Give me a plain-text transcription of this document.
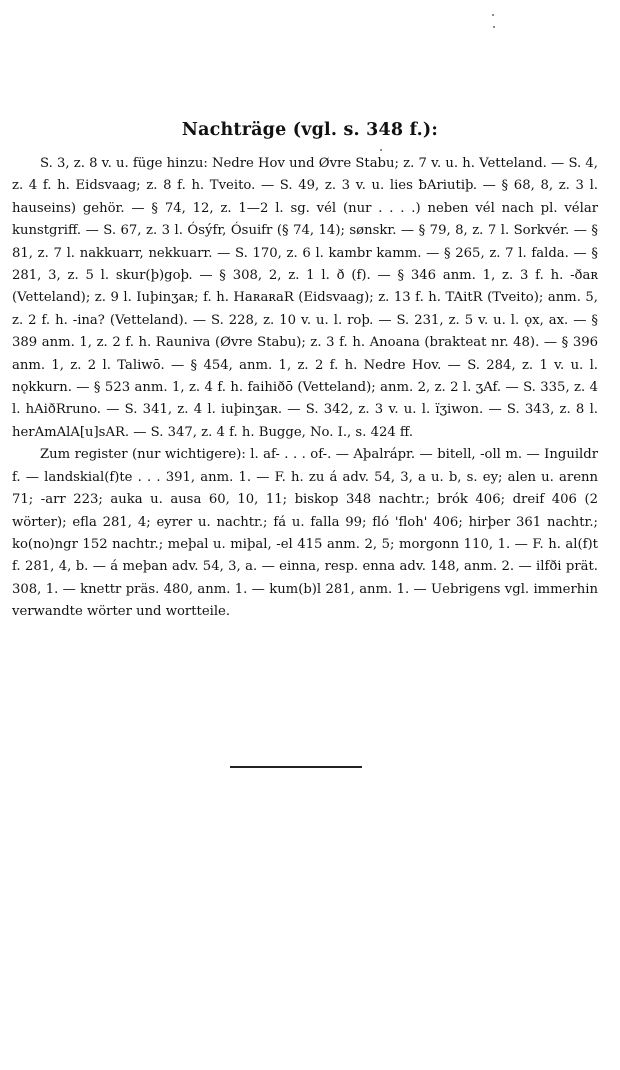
Nachträge (vgl. s. 348 f.):

S. 3, z. 8 v. u. füge hinzu: Nedre Hov und Øvre Stabu; z. 7 v. u. h. Vetteland. — S. 4, z. 4 f. h. Eidsvaag; z. 8 f. h. Tveito. — S. 49, z. 3 v. u. lies ƀAriutiþ. — § 68, 8, z. 3 l. hauseins) gehör. — § 74, 12, z. 1—2 l. sg. vél (nur . . . .) neben vél nach pl. vélar kunstgriff. — S. 67, z. 3 l. Ósýfr, Ósuifr (§ 74, 14); sønskr. — § 79, 8, z. 7 l. Sorkvér. — § 81, z. 7 l. nakkuarr, nekkuarr. — S. 170, z. 6 l. kambr kamm. — § 265, z. 7 l. falda. — § 281, 3, z. 5 l. skur(þ)goþ. — § 308, 2, z. 1 l. ð (f). — § 346 anm. 1, z. 3 f. h. -ðaʀ (Vetteland); z. 9 l. Iuþinʒaʀ; f. h. HaʀaʀaR (Eidsvaag); z. 13 f. h. TAitR (Tveito); anm. 5, z. 2 f. h. -ina? (Vetteland). — S. 228, z. 10 v. u. l. roþ. — S. 231, z. 5 v. u. l. ǫx, ax. — § 389 anm. 1, z. 2 f. h. Rauniva (Øvre Stabu); z. 3 f. h. Anoana (brakteat nr. 48). — § 396 anm. 1, z. 2 l. Taliwō. — § 454, anm. 1, z. 2 f. h. Nedre Hov. — S. 284, z. 1 v. u. l. nǫkkurn. — § 523 anm. 1, z. 4 f. h. faihiðō (Vetteland); anm. 2, z. 2 l. ʒAf. — S. 335, z. 4 l. hAiðRruno. — S. 341, z. 4 l. iuþinʒaʀ. — S. 342, z. 3 v. u. l. ïʒiwon. — S. 343, z. 8 l. herAmAlA[u]sAR. — S. 347, z. 4 f. h. Bugge, No. I., s. 424 ff.

Zum register (nur wichtigere): l. af- . . . of-. — Aþalrápr. — bitell, -oll m. — Inguildr f. — landskial(f)te . . . 391, anm. 1. — F. h. zu á adv. 54, 3, a u. b, s. ey; alen u. arenn 71; -arr 223; auka u. ausa 60, 10, 11; biskop 348 nachtr.; brók 406; dreif 406 (2 wörter); efla 281, 4; eyrer u. nachtr.; fá u. falla 99; fló 'floh' 406; hirþer 361 nachtr.; ko(no)ngr 152 nachtr.; meþal u. miþal, -el 415 anm. 2, 5; morgonn 110, 1. — F. h. al(f)t f. 281, 4, b. — á meþan adv. 54, 3, a. — einna, resp. enna adv. 148, anm. 2. — ilfði prät. 308, 1. — knettr präs. 480, anm. 1. — kum(b)l 281, anm. 1. — Uebrigens vgl. immerhin verwandte wörter und wortteile.
